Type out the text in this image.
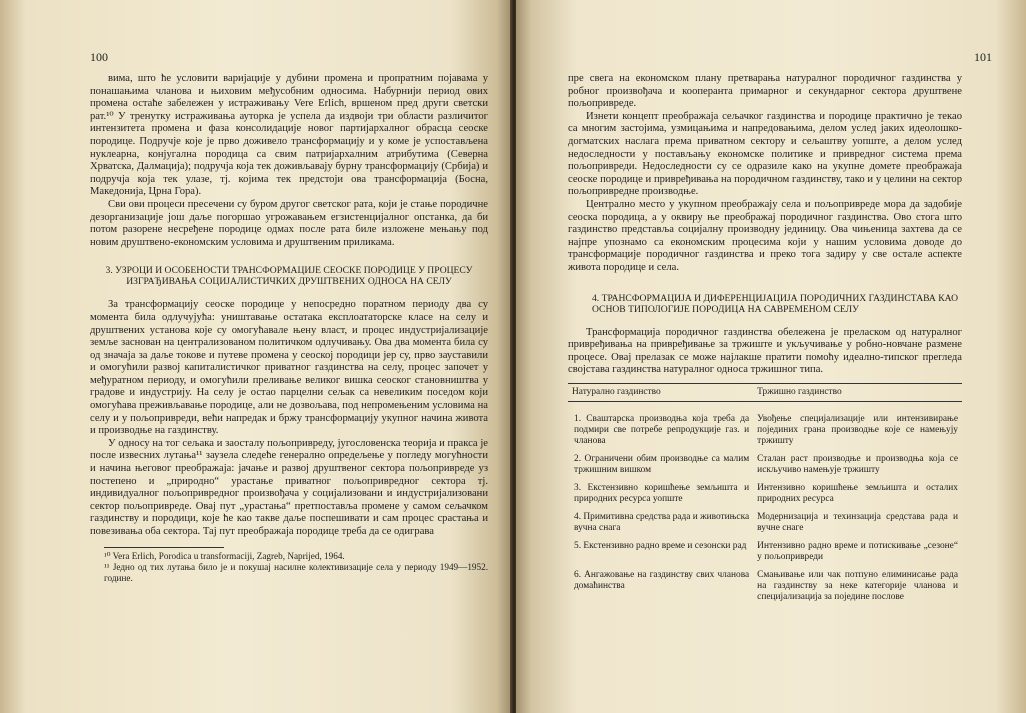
100

вима, што ће условити варијације у дубини промена и пропратним појавама у понашањима чланова и њиховим међусобним односима. Набурнији период ових промена остаће забележен у истраживању Vere Erlich, вршеном пред други светски рат.¹⁰ У тренутку истраживања ауторка је успела да издвоји три области различитог интензитета промена и фаза консолидације новог партијархалног обрасца сеоске породице. Подручје које је прво доживело трансформацију и у коме је успостављена нуклеарна, конјугална породица са свим патријархалним атрибутима (Северна Хрватска, Далмација); подручја која тек доживљавају бурну трансформацију (Србија) и подручја која тек улазе, тј. којима тек предстоји ова трансформација (Босна, Македонија, Црна Гора).

Сви ови процеси пресечени су буром другог светског рата, који је стање породичне дезорганизације још даље погоршао угрожавањем егзистенцијалног опстанка, да би потом разорене несређене породице одмах после рата биле изложене мењању под новим друштвено-економским условима и друштвеним приликама.

3. УЗРОЦИ И ОСОБЕНОСТИ ТРАНСФОРМАЦИЈЕ СЕОСКЕ ПОРОДИЦЕ У ПРОЦЕСУ ИЗГРАЂИВАЊА СОЦИЈАЛИСТИЧКИХ ДРУШТВЕНИХ ОДНОСА НА СЕЛУ

За трансформацију сеоске породице у непосредно поратном периоду два су момента била одлучујућа: уништавање остатака експлоататорске класе на селу и друштвених установа које су омогућавале њену власт, и процес индустријализације земље заснован на централизованом политичком одлучивању. Ова два момента била су од значаја за даље токове и путеве промена у сеоској породици јер су, прво зауставили и омогућили развој капиталистичког приватног газдинства на селу, процес започет у међуратном периоду, и омогућили преливање великог вишка сеоског становништва у градове и индустрију. На селу је остао парцелни сељак са невеликим поседом који омогућава преживљавање породице, али не дозвољава, под непромењеним условима на селу и у пољопривреди, већи напредак и бржу трансформацију укупног начина живота и производње на газдинству.

У односу на тог сељака и заосталу пољопривреду, југословенска теорија и пракса је после извесних лутања¹¹ заузела следеће генерално опредељење у погледу могућности и начина његовог преображаја: јачање и развој друштвеног сектора пољопривреде уз постепено и „природно“ урастање приватног пољопривредног сектора тј. индивидуалног пољопривредног произвођача у социјализовани и индустријализовани сектор пољопривреде. Овај пут „урастања“ претпоставља промене у самом сељачком газдинству и породици, које ће као такве даље поспешивати и сам процес срастања и повезивања оба сектора. Тај пут преображаја породице треба да се одигрaва

¹⁰ Vera Erlich, Porodica u transformaciji, Zagreb, Naprijed, 1964.
¹¹ Једно од тих лутања било је и покушај насилне колективизације села у периоду 1949—1952. године.
101

пре свега на економском плану претварања натуралног породичног газдинства у робног произвођача и кооперанта примарног и секундарног сектора друштвене пољопривреде.

Изнети концепт преображаја сељачког газдинства и породице практично је текао са многим застојима, узмицањима и напредовањима, делом услед јаких идеолошко-догматских наслага према приватном сектору и сељаштву уопште, а делом услед недоследности у постављању економске политике и привредног система према пољопривреди. Недоследности су се одразиле како на укупне домете преображаја сеоске породице и привређивања на породичном газдинству, тако и у целини на сектор пољопривредне производње.

Централно место у укупном преображају села и пољопривреде мора да задобије сеоска породица, а у оквиру ње преображај породичног газдинства. Ово стога што газдинство представља социјалну производну јединицу. Ова чињеница захтева да се најпре упознамо са економским процесима који у нашим условима доводе до трансформације породичног газдинства и преко тога задиру у све остале аспекте живота породице и села.

4. ТРАНСФОРМАЦИЈА И ДИФЕРЕНЦИЈАЦИЈА ПОРОДИЧНИХ ГАЗДИНСТАВА КАО ОСНОВ ТИПОЛОГИЈЕ ПОРОДИЦА НА САВРЕМЕНОМ СЕЛУ

Трансформација породичног газдинства обележена је преласком од натуралног привређивања на привређивање за тржиште и укључивање у робно-новчане размене процесе. Овај прелазак се може најлакше пратити помоћу идеално-типског прегледа својстава газдинства натуралног односа тржишног типа.

Натурално газдинство	Тржишно газдинство
1. Свaштарска производња која треба да подмири све потребе репродукције газ. и чланова	Увођење специјализације или интензивирање појединих грана производње које се намењују тржишту
2. Ограничени обим производње са малим тржишним вишком	Сталан раст производње и производња која се искључиво намењује тржишту
3. Екстензивно коришћење земљишта и природних ресурса уопште	Интензивно коришћење земљишта и осталих природних ресурса
4. Примитивна средства рада и животињска вучна снага	Модернизација и техинзација средстава рада и вучне снаге
5. Екстензивно радно време и сезонски рад	Интензивно радно време и потискивање „сезоне“ у пољопривреди
6. Ангажовање на газдинству свих чланова домаћинства	Смањивање или чак потпуно елиминисање рада на газдинству за неке категорије чланова и специјализација за поједине послове
